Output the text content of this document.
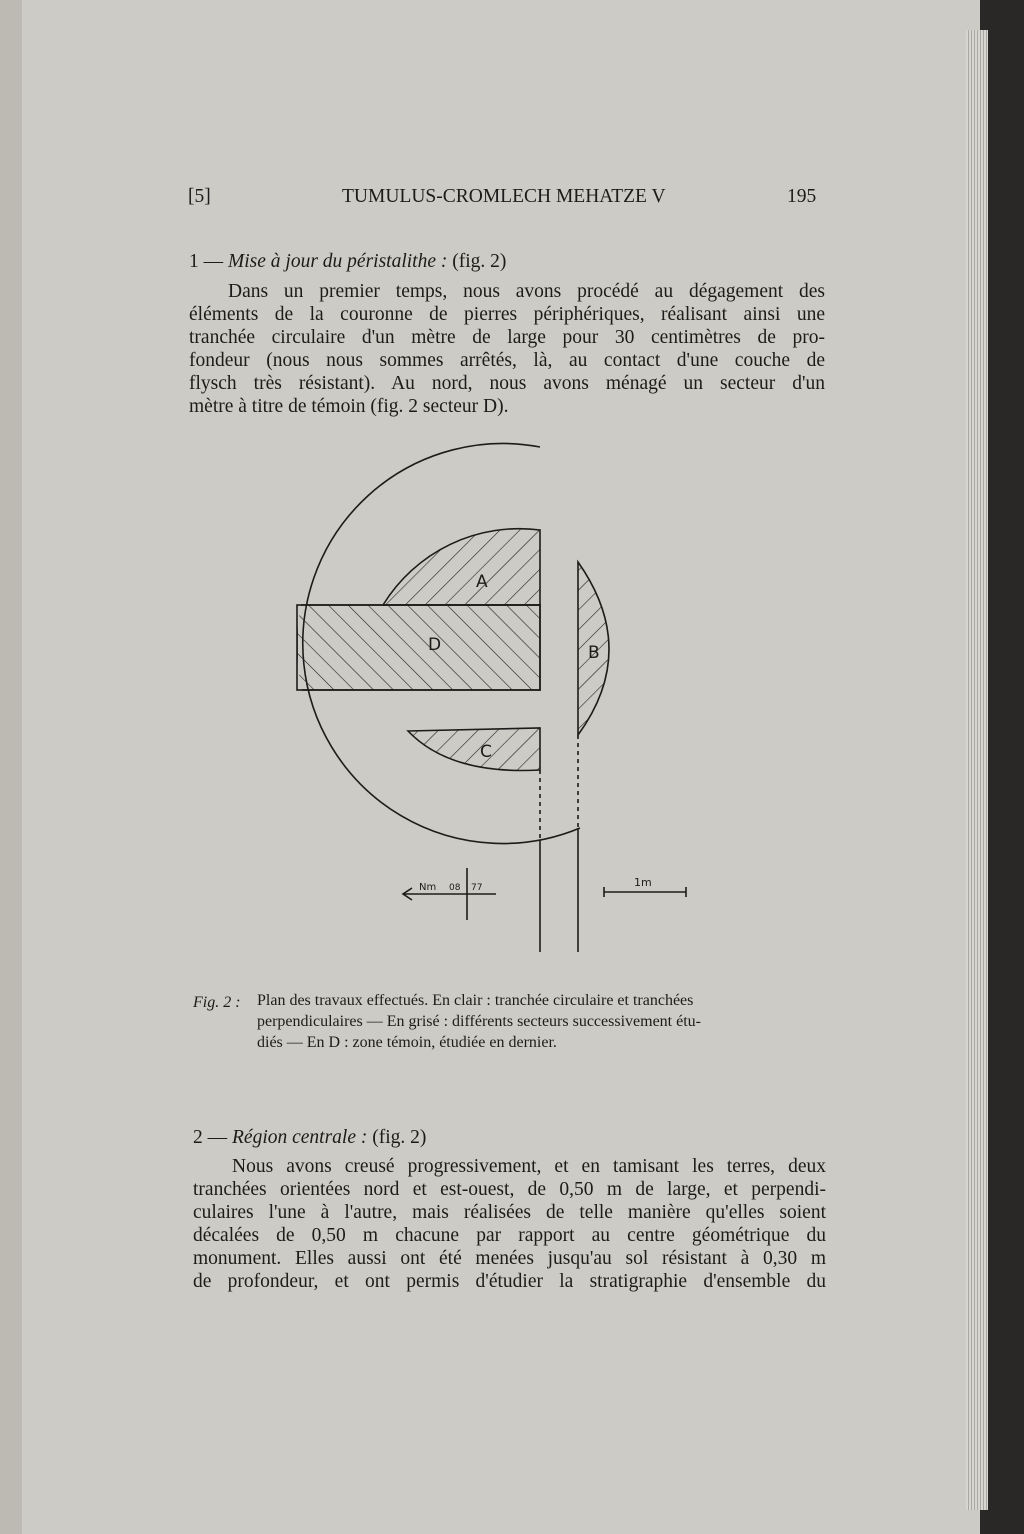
[5]	TUMULUS-CROMLECH MEHATZE V	195
1 — Mise à jour du péristalithe : (fig. 2)
Dans un premier temps, nous avons procédé au dégagement des
éléments de la couronne de pierres périphériques, réalisant ainsi une
tranchée circulaire d'un mètre de large pour 30 centimètres de pro-
fondeur (nous nous sommes arrêtés, là, au contact d'une couche de
flysch très résistant). Au nord, nous avons ménagé un secteur d'un
mètre à titre de témoin (fig. 2 secteur D).
A
B
C
D
Nm 08 77	1m
Fig. 2 : Plan des travaux effectués. En clair : tranchée circulaire et tranchées
perpendiculaires — En grisé : différents secteurs successivement étu-
diés — En D : zone témoin, étudiée en dernier.
2 — Région centrale : (fig. 2)
Nous avons creusé progressivement, et en tamisant les terres, deux
tranchées orientées nord et est-ouest, de 0,50 m de large, et perpendi-
culaires l'une à l'autre, mais réalisées de telle manière qu'elles soient
décalées de 0,50 m chacune par rapport au centre géométrique du
monument. Elles aussi ont été menées jusqu'au sol résistant à 0,30 m
de profondeur, et ont permis d'étudier la stratigraphie d'ensemble du
